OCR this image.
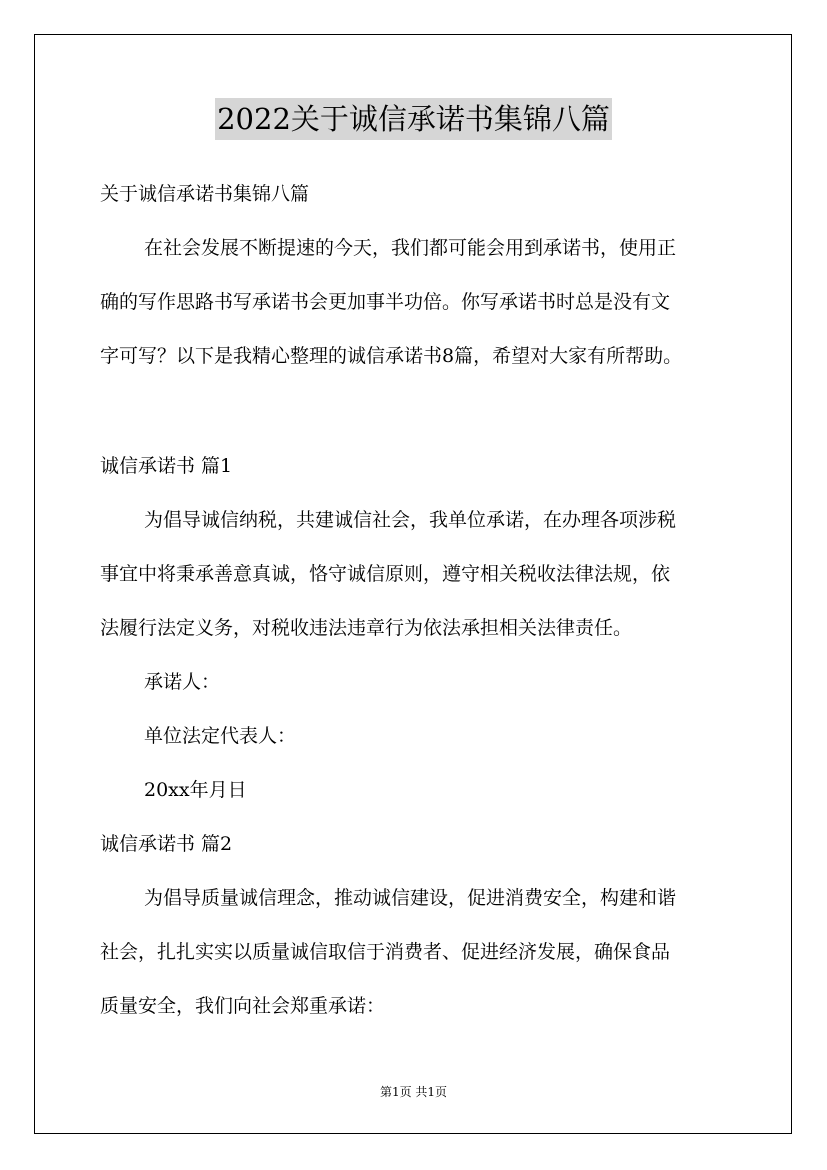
2022关于诚信承诺书集锦八篇
关于诚信承诺书集锦八篇
在社会发展不断提速的今天，我们都可能会用到承诺书，使用正
确的写作思路书写承诺书会更加事半功倍。你写承诺书时总是没有文
字可写？以下是我精心整理的诚信承诺书8篇，希望对大家有所帮助。
诚信承诺书 篇1
为倡导诚信纳税，共建诚信社会，我单位承诺，在办理各项涉税
事宜中将秉承善意真诚，恪守诚信原则，遵守相关税收法律法规，依
法履行法定义务，对税收违法违章行为依法承担相关法律责任。
承诺人：
单位法定代表人：
20xx年月日
诚信承诺书 篇2
为倡导质量诚信理念，推动诚信建设，促进消费安全，构建和谐
社会，扎扎实实以质量诚信取信于消费者、促进经济发展，确保食品
质量安全，我们向社会郑重承诺：
第1页 共1页
